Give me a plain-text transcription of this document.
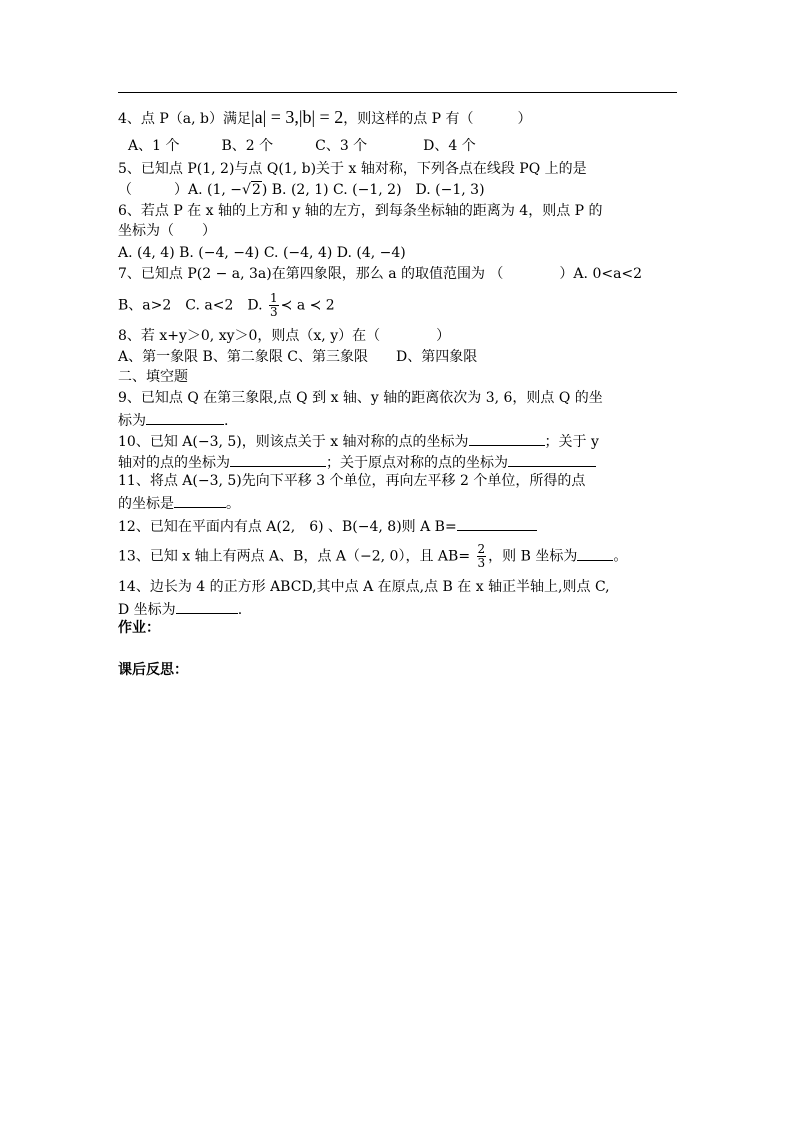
4、点 P（a, b）满足|a| = 3,|b| = 2，则这样的点 P 有（	）
A、1 个　　　B、2 个　　　C、3 个　　　　D、4 个
5、已知点 P(1, 2)与点 Q(1, b)关于 x 轴对称，下列各点在线段 PQ 上的是
（　　　）A. (1, −√2) B. (2, 1) C. (−1, 2)　D. (−1, 3)
6、若点 P 在 x 轴的上方和 y 轴的左方，到每条坐标轴的距离为 4，则点 P 的
坐标为（　　）
A. (4, 4) B. (−4, −4) C. (−4, 4) D. (4, −4)
7、已知点 P(2 − a, 3a)在第四象限，那么 a 的取值范围为 （　　　　）A. 0<a<2
B、a>2　C. a<2　D. $\frac{1}{3}$ ≺ a ≺ 2
8、若 x+y＞0, xy＞0，则点（x, y）在（　　　　）
A、第一象限 B、第二象限 C、第三象限　　D、第四象限
二、填空题
9、已知点 Q 在第三象限,点 Q 到 x 轴、y 轴的距离依次为 3, 6，则点 Q 的坐
标为	.
10、已知 A(−3, 5)，则该点关于 x 轴对称的点的坐标为	；关于 y
轴对的点的坐标为	；关于原点对称的点的坐标为
11、将点 A(−3, 5)先向下平移 3 个单位，再向左平移 2 个单位，所得的点
的坐标是	。
12、已知在平面内有点 A(2,　6) 、B(−4, 8)则 A B=
13、已知 x 轴上有两点 A、B，点 A（−2, 0），且 $AB= \frac{2}{3}$ ，则 B 坐标为	。
14、边长为 4 的正方形 ABCD,其中点 A 在原点,点 B 在 x 轴正半轴上,则点 C,
D 坐标为	.
作业：
课后反思：
